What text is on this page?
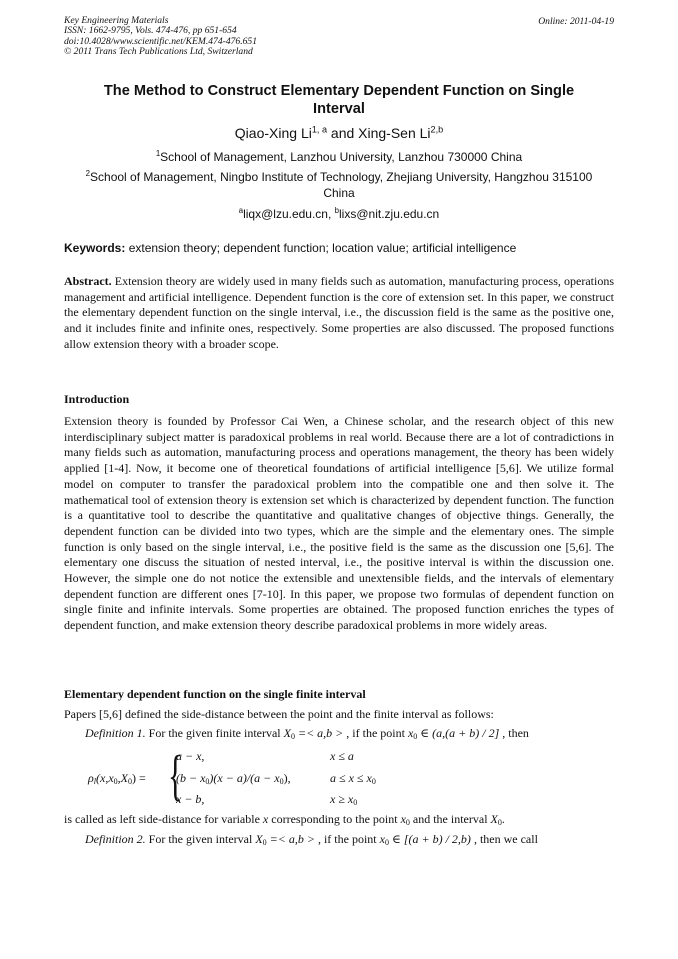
Key Engineering Materials
ISSN: 1662-9795, Vols. 474-476, pp 651-654
doi:10.4028/www.scientific.net/KEM.474-476.651
© 2011 Trans Tech Publications Ltd, Switzerland
Online: 2011-04-19
The Method to Construct Elementary Dependent Function on Single
Interval
Qiao-Xing Li$^{1, a}$ and Xing-Sen Li$^{2,b}$
$^1$School of Management, Lanzhou University, Lanzhou 730000 China
$^2$School of Management, Ningbo Institute of Technology, Zhejiang University, Hangzhou 315100
China
$^a$liqx@lzu.edu.cn, $^b$lixs@nit.zju.edu.cn
Keywords: extension theory; dependent function; location value; artificial intelligence
Abstract. Extension theory are widely used in many fields such as automation, manufacturing process, operations management and artificial intelligence. Dependent function is the core of extension set. In this paper, we construct the elementary dependent function on the single interval, i.e., the discussion field is the same as the positive one, and it includes finite and infinite ones, respectively. Some properties are also discussed. The proposed functions allow extension theory with a broader scope.
Introduction
Extension theory is founded by Professor Cai Wen, a Chinese scholar, and the research object of this new interdisciplinary subject matter is paradoxical problems in real world. Because there are a lot of contradictions in many fields such as automation, manufacturing process and operations management, the theory has been widely applied [1-4]. Now, it become one of theoretical foundations of artificial intelligence [5,6]. We utilize formal model on computer to transfer the paradoxical problem into the compatible one and then solve it. The mathematical tool of extension theory is extension set which is characterized by dependent function. The function is a quantitative tool to describe the quantitative and qualitative changes of objective things. Generally, the dependent function can be divided into two types, which are the simple and the elementary ones. The simple function is only based on the single interval, i.e., the positive field is the same as the discussion one [5,6]. The elementary one discuss the situation of nested interval, i.e., the positive interval is within the discussion one. However, the simple one do not notice the extensible and unextensible fields, and the intervals of elementary dependent function are different ones [7-10]. In this paper, we propose two formulas of dependent function on single finite and infinite intervals. Some properties are obtained. The proposed function enriches the types of dependent function, and make extension theory describe paradoxical problems in more widely areas.
Elementary dependent function on the single finite interval
Papers [5,6] defined the side-distance between the point and the finite interval as follows:
Definition 1. For the given finite interval $X_0 =< a,b$ > , if the point $x_0$ ∈ (a,(a + b) / 2] , then
$\rho_l(x,x_0,X_0)$ = {
a − x,	x ≤ a
$(b - x_0)(x - a)/(a - x_0)$,	$a \le x \le x_0$
x − b,	$x \ge x_0$
is called as left side-distance for variable x corresponding to the point $x_0$ and the interval $X_0$.
Definition 2. For the given interval $X_0 =< a,b$ > , if the point $x_0$ ∈ [(a + b) / 2,b) , then we call
